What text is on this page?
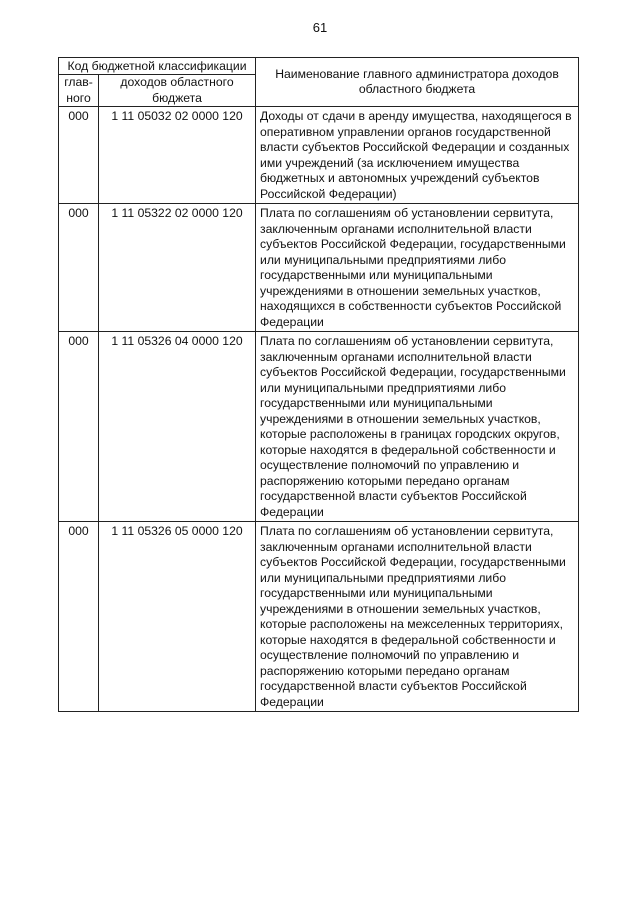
61
Код бюджетной классификации		Наименование главного администратора доходов областного бюджета
глав-ного	доходов областного бюджета	
000	1 11 05032 02 0000 120	Доходы от сдачи в аренду имущества, находящегося в оперативном управлении органов государственной власти субъектов Российской Федерации и созданных ими учреждений (за исключением имущества бюджетных и автономных учреждений субъектов Российской Федерации)
000	1 11 05322 02 0000 120	Плата по соглашениям об установлении сервитута, заключенным органами исполнительной власти субъектов Российской Федерации, государственными или муниципальными предприятиями либо государственными или муниципальными учреждениями в отношении земельных участков, находящихся в собственности субъектов Российской Федерации
000	1 11 05326 04 0000 120	Плата по соглашениям об установлении сервитута, заключенным органами исполнительной власти субъектов Российской Федерации, государственными или муниципальными предприятиями либо государственными или муниципальными учреждениями в отношении земельных участков, которые расположены в границах городских округов, которые находятся в федеральной собственности и осуществление полномочий по управлению и распоряжению которыми передано органам государственной власти субъектов Российской Федерации
000	1 11 05326 05 0000 120	Плата по соглашениям об установлении сервитута, заключенным органами исполнительной власти субъектов Российской Федерации, государственными или муниципальными предприятиями либо государственными или муниципальными учреждениями в отношении земельных участков, которые расположены на межселенных территориях, которые находятся в федеральной собственности и осуществление полномочий по управлению и распоряжению которыми передано органам государственной власти субъектов Российской Федерации
